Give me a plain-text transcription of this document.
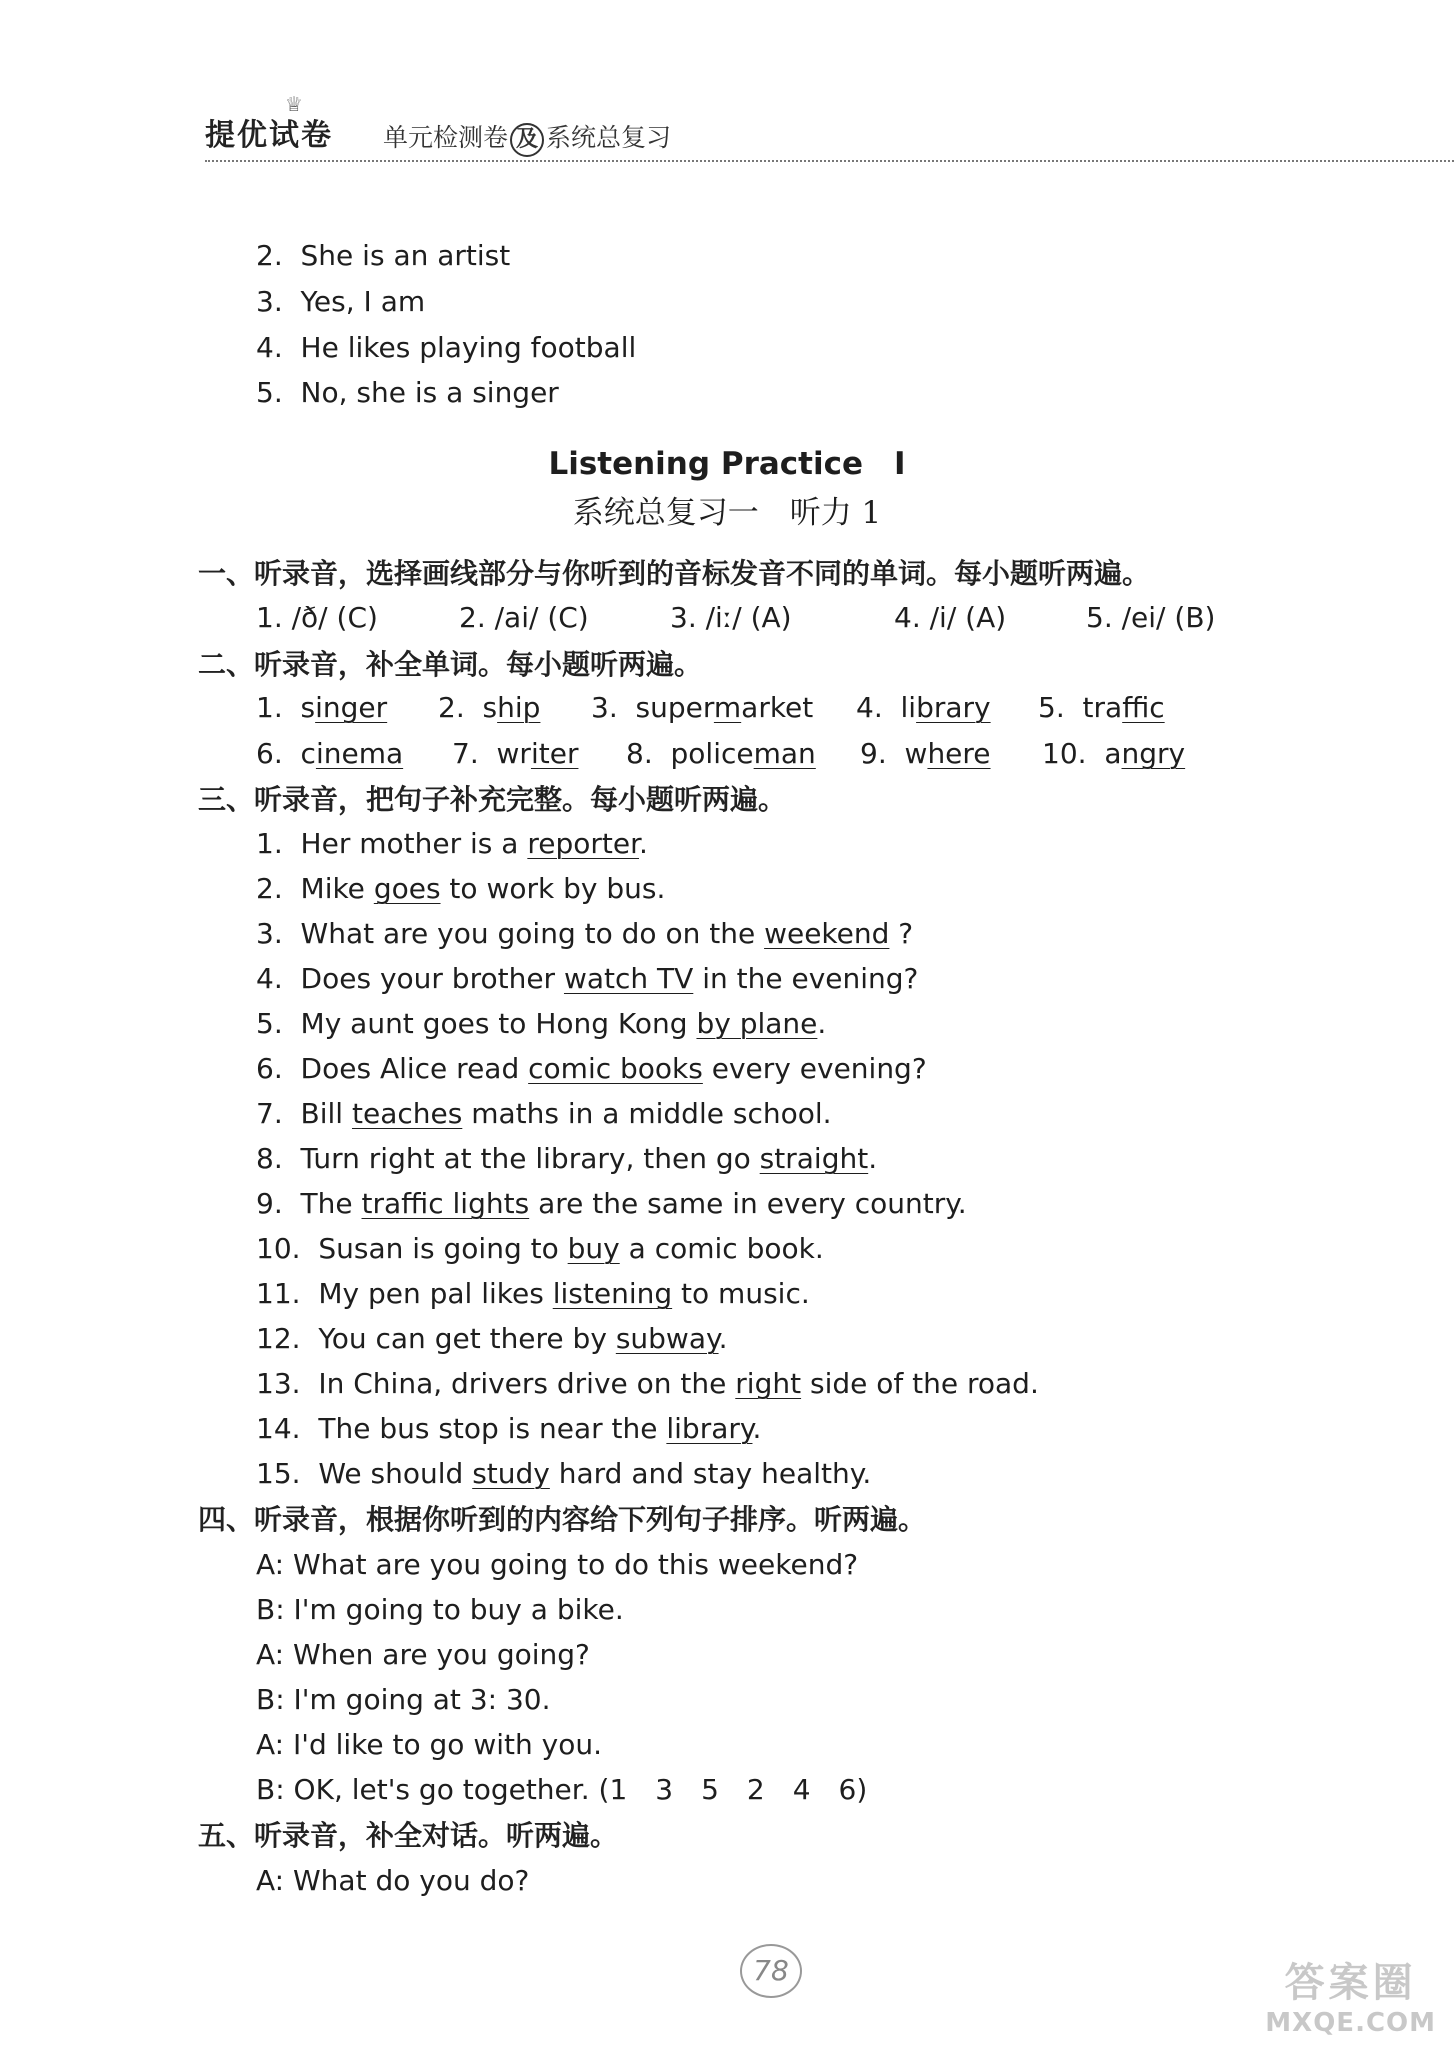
♕
提优试卷 单元检测卷 及 系统总复习
2. She is an artist
3. Yes, I am
4. He likes playing football
5. No, she is a singer
Listening Practice　I
系统总复习一　听力 1
一、听录音，选择画线部分与你听到的音标发音不同的单词。每小题听两遍。
1. /ð/ (C)	2. /ai/ (C)	3. /iː/ (A)	4. /i/ (A)	5. /ei/ (B)
二、听录音，补全单词。每小题听两遍。
1. singer 2. ship 3. supermarket 4. library 5. traffic
6. cinema 7. writer 8. policeman 9. where 10. angry
三、听录音，把句子补充完整。每小题听两遍。
1. Her mother is a reporter.
2. Mike goes to work by bus.
3. What are you going to do on the weekend ?
4. Does your brother watch TV in the evening?
5. My aunt goes to Hong Kong by plane.
6. Does Alice read comic books every evening?
7. Bill teaches maths in a middle school.
8. Turn right at the library, then go straight.
9. The traffic lights are the same in every country.
10. Susan is going to buy a comic book.
11. My pen pal likes listening to music.
12. You can get there by subway.
13. In China, drivers drive on the right side of the road.
14. The bus stop is near the library.
15. We should study hard and stay healthy.
四、听录音，根据你听到的内容给下列句子排序。听两遍。
A: What are you going to do this weekend?
B: I'm going to buy a bike.
A: When are you going?
B: I'm going at 3: 30.
A: I'd like to go with you.
B: OK, let's go together. (1　3　5　2　4　6)
五、听录音，补全对话。听两遍。
A: What do you do?
78	答案圈
MXQE.COM
